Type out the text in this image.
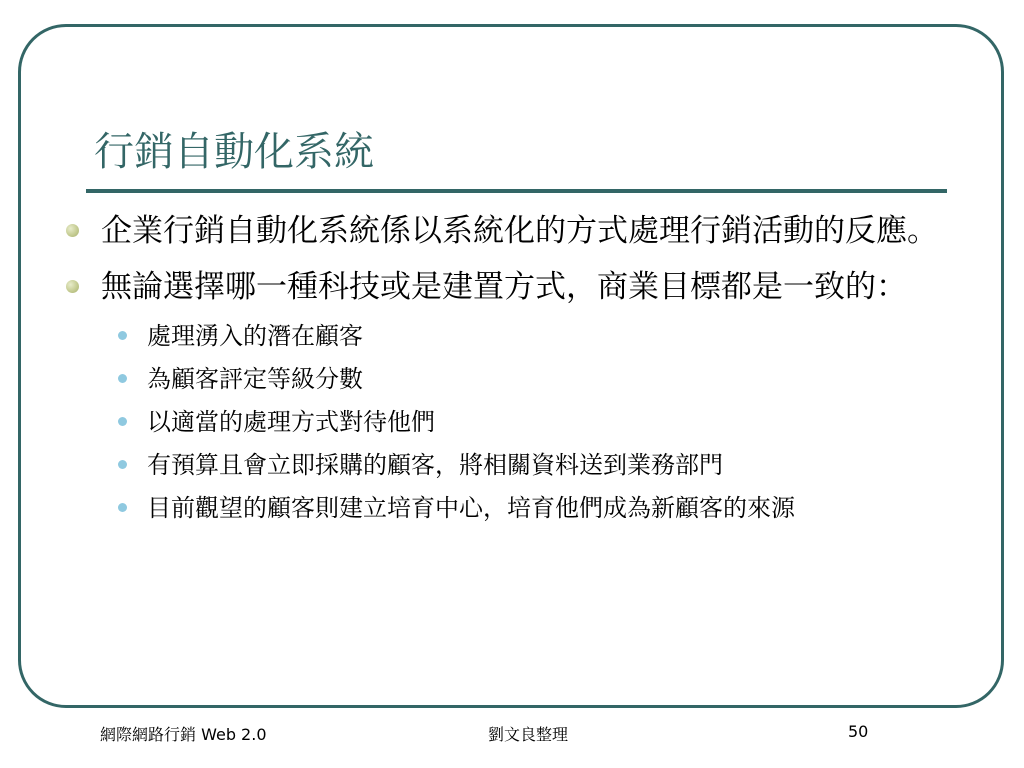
行銷自動化系統
企業行銷自動化系統係以系統化的方式處理行銷活動的反應。
無論選擇哪一種科技或是建置方式，商業目標都是一致的：
處理湧入的潛在顧客
為顧客評定等級分數
以適當的處理方式對待他們
有預算且會立即採購的顧客，將相關資料送到業務部門
目前觀望的顧客則建立培育中心，培育他們成為新顧客的來源
網際網路行銷 Web 2.0	劉文良整理	50
